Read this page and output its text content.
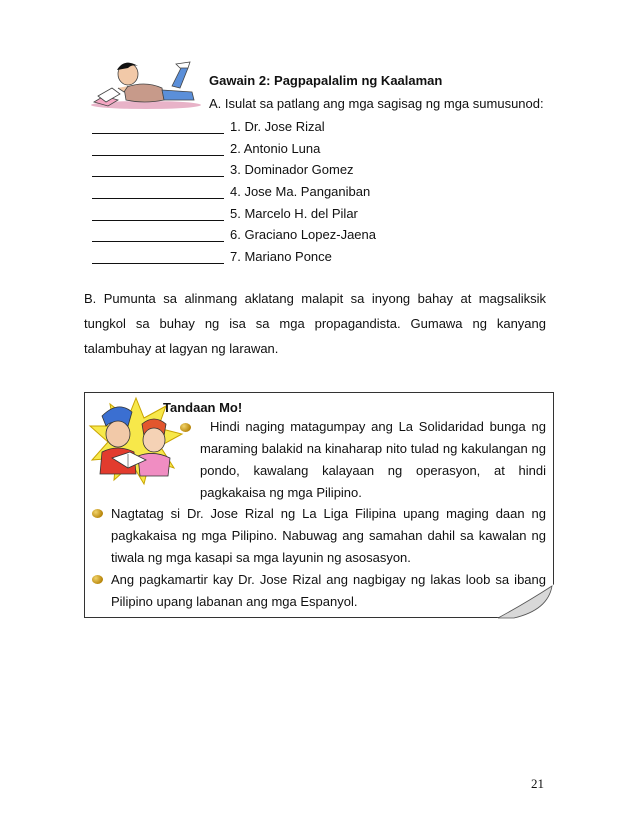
Gawain 2: Pagpapalalim ng Kaalaman
A. Isulat sa patlang ang mga sagisag ng mga sumusunod:
1. Dr. Jose Rizal
2. Antonio Luna
3. Dominador Gomez
4. Jose Ma. Panganiban
5. Marcelo H. del Pilar
6. Graciano Lopez-Jaena
7. Mariano Ponce
B. Pumunta sa alinmang aklatang malapit sa inyong bahay at magsaliksik tungkol sa buhay ng isa sa mga propagandista. Gumawa ng kanyang talambuhay at lagyan ng larawan.
Tandaan Mo!
Hindi naging matagumpay ang La Solidaridad bunga ng maraming balakid na kinaharap nito tulad ng kakulangan ng pondo, kawalang kalayaan ng operasyon, at hindi pagkakaisa ng mga Pilipino.
Nagtatag si Dr. Jose Rizal ng La Liga Filipina upang maging daan ng pagkakaisa ng mga Pilipino. Nabuwag ang samahan dahil sa kawalan ng tiwala ng mga kasapi sa mga layunin ng asosasyon.
Ang pagkamartir kay Dr. Jose Rizal ang nagbigay ng lakas loob sa ibang Pilipino upang labanan ang mga Espanyol.
21
